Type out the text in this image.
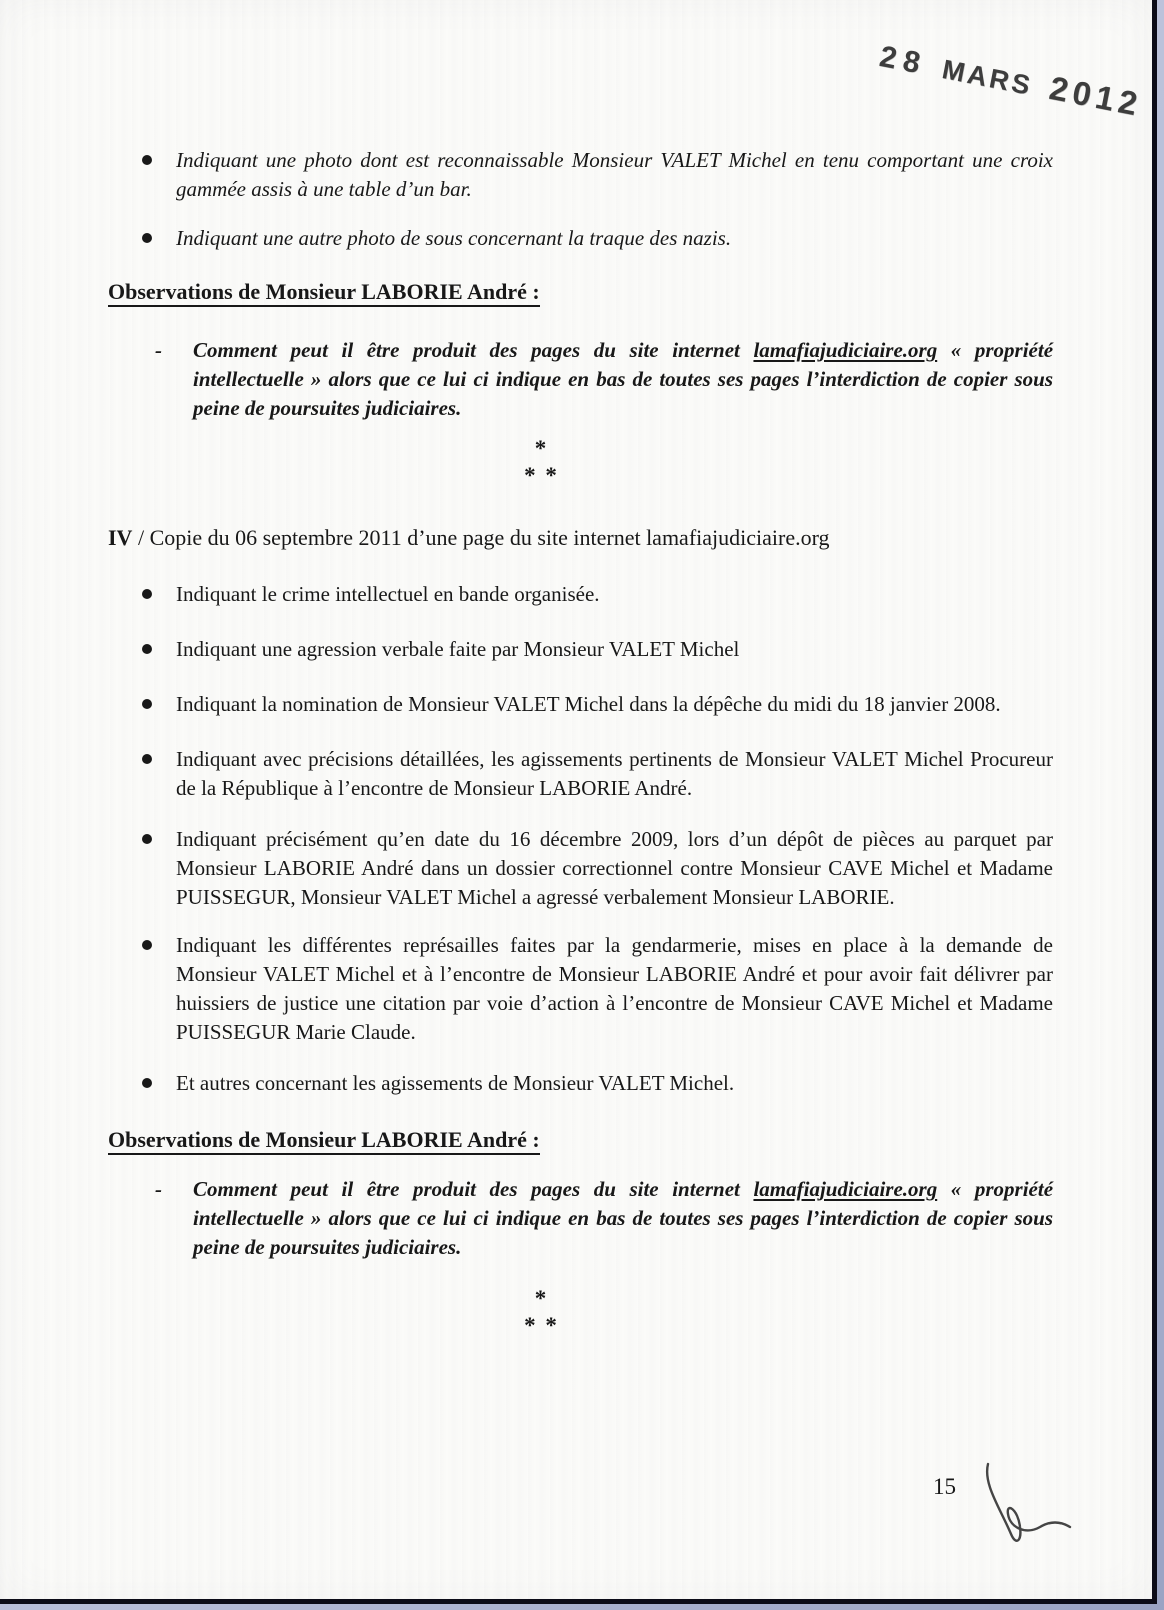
28 MARS 2012
Indiquant une photo dont est reconnaissable Monsieur VALET Michel en tenu comportant une croix gammée assis à une table d’un bar.
Indiquant une autre photo de sous concernant la traque des nazis.
Observations de Monsieur LABORIE André :
- Comment peut il être produit des pages du site internet lamafiajudiciaire.org « propriété intellectuelle » alors que ce lui ci indique en bas de toutes ses pages l’interdiction de copier sous peine de poursuites judiciaires.
*
* *
IV / Copie du 06 septembre 2011 d’une page du site internet lamafiajudiciaire.org
Indiquant le crime intellectuel en bande organisée.
Indiquant une agression verbale faite par Monsieur VALET Michel
Indiquant la nomination de Monsieur VALET Michel dans la dépêche du midi du 18 janvier 2008.
Indiquant avec précisions détaillées, les agissements pertinents de Monsieur VALET Michel Procureur de la République à l’encontre de Monsieur LABORIE André.
Indiquant précisément qu’en date du 16 décembre 2009, lors d’un dépôt de pièces au parquet par Monsieur LABORIE André dans un dossier correctionnel contre Monsieur CAVE Michel et Madame PUISSEGUR, Monsieur VALET Michel a agressé verbalement Monsieur LABORIE.
Indiquant les différentes représailles faites par la gendarmerie, mises en place à la demande de Monsieur VALET Michel et à l’encontre de Monsieur LABORIE André et pour avoir fait délivrer par huissiers de justice une citation par voie d’action à l’encontre de Monsieur CAVE Michel et Madame PUISSEGUR Marie Claude.
Et autres concernant les agissements de Monsieur VALET Michel.
Observations de Monsieur LABORIE André :
- Comment peut il être produit des pages du site internet lamafiajudiciaire.org « propriété intellectuelle » alors que ce lui ci indique en bas de toutes ses pages l’interdiction de copier sous peine de poursuites judiciaires.
*
* *
15
